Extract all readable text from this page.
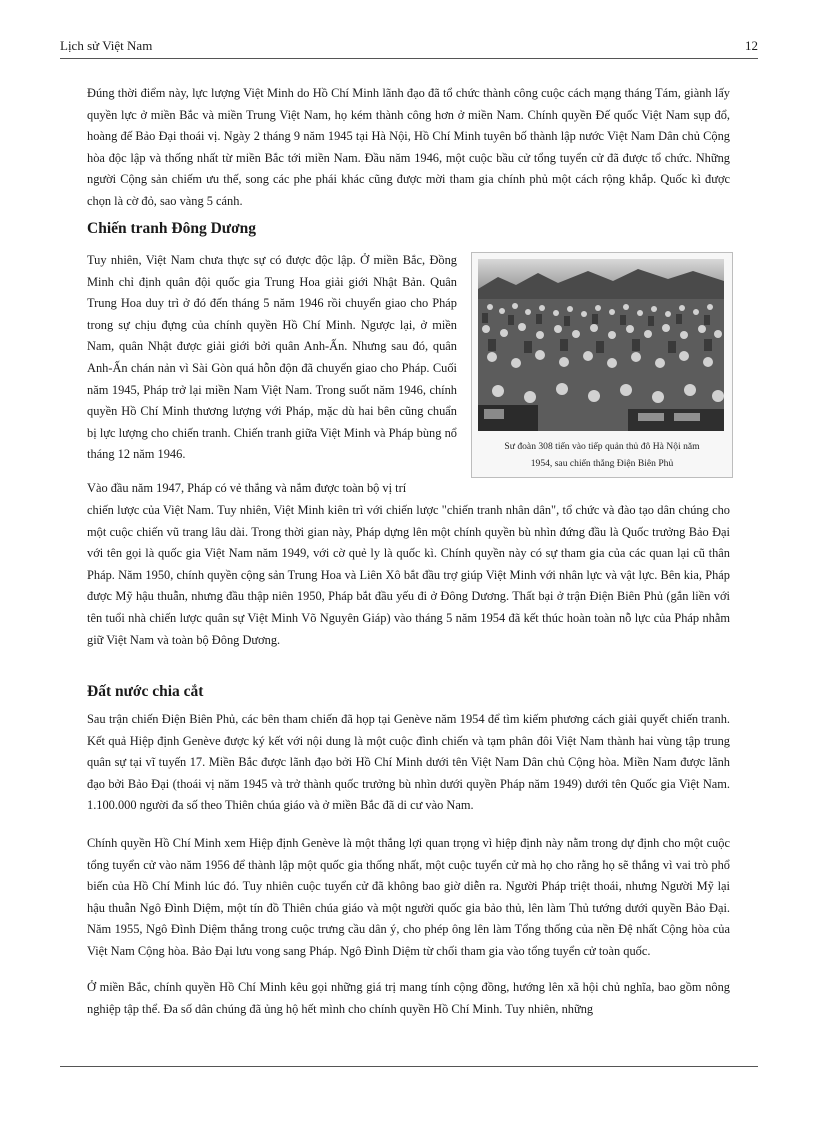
Lịch sử Việt Nam	12

Đúng thời điểm này, lực lượng Việt Minh do Hồ Chí Minh lãnh đạo đã tổ chức thành công cuộc cách mạng tháng Tám, giành lấy quyền lực ở miền Bắc và miền Trung Việt Nam, họ kém thành công hơn ở miền Nam. Chính quyền Đế quốc Việt Nam sụp đổ, hoàng đế Bảo Đại thoái vị. Ngày 2 tháng 9 năm 1945 tại Hà Nội, Hồ Chí Minh tuyên bố thành lập nước Việt Nam Dân chủ Cộng hòa độc lập và thống nhất từ miền Bắc tới miền Nam. Đầu năm 1946, một cuộc bầu cử tổng tuyển cử đã được tổ chức. Những người Cộng sản chiếm ưu thế, song các phe phái khác cũng được mời tham gia chính phủ một cách rộng khắp. Quốc kì được chọn là cờ đỏ, sao vàng 5 cánh.

Chiến tranh Đông Dương

Tuy nhiên, Việt Nam chưa thực sự có được độc lập. Ở miền Bắc, Đồng Minh chỉ định quân đội quốc gia Trung Hoa giải giới Nhật Bản. Quân Trung Hoa duy trì ở đó đến tháng 5 năm 1946 rồi chuyển giao cho Pháp trong sự chịu đựng của chính quyền Hồ Chí Minh. Ngược lại, ở miền Nam, quân Nhật được giải giới bởi quân Anh-Ấn. Nhưng sau đó, quân Anh-Ấn chán nản vì Sài Gòn quá hỗn độn đã chuyển giao cho Pháp. Cuối năm 1945, Pháp trở lại miền Nam Việt Nam. Trong suốt năm 1946, chính quyền Hồ Chí Minh thương lượng với Pháp, mặc dù hai bên cũng chuẩn bị lực lượng cho chiến tranh. Chiến tranh giữa Việt Minh và Pháp bùng nổ tháng 12 năm 1946.

Sư đoàn 308 tiến vào tiếp quản thủ đô Hà Nội năm
1954, sau chiến thắng Điện Biên Phủ

Vào đầu năm 1947, Pháp có vẻ thắng và nắm được toàn bộ vị trí

chiến lược của Việt Nam. Tuy nhiên, Việt Minh kiên trì với chiến lược "chiến tranh nhân dân", tổ chức và đào tạo dân chúng cho một cuộc chiến vũ trang lâu dài. Trong thời gian này, Pháp dựng lên một chính quyền bù nhìn đứng đầu là Quốc trưởng Bảo Đại với tên gọi là quốc gia Việt Nam năm 1949, với cờ quẻ ly là quốc kì. Chính quyền này có sự tham gia của các quan lại cũ thân Pháp. Năm 1950, chính quyền cộng sản Trung Hoa và Liên Xô bắt đầu trợ giúp Việt Minh với nhân lực và vật lực. Bên kia, Pháp được Mỹ hậu thuẫn, nhưng đầu thập niên 1950, Pháp bắt đầu yếu đi ở Đông Dương. Thất bại ở trận Điện Biên Phủ (gắn liền với tên tuổi nhà chiến lược quân sự Việt Minh Võ Nguyên Giáp) vào tháng 5 năm 1954 đã kết thúc hoàn toàn nỗ lực của Pháp nhằm giữ Việt Nam và toàn bộ Đông Dương.

Đất nước chia cắt

Sau trận chiến Điện Biên Phủ, các bên tham chiến đã họp tại Genève năm 1954 để tìm kiếm phương cách giải quyết chiến tranh. Kết quả Hiệp định Genève được ký kết với nội dung là một cuộc đình chiến và tạm phân đôi Việt Nam thành hai vùng tập trung quân sự tại vĩ tuyến 17. Miền Bắc được lãnh đạo bởi Hồ Chí Minh dưới tên Việt Nam Dân chủ Cộng hòa. Miền Nam được lãnh đạo bởi Bảo Đại (thoái vị năm 1945 và trở thành quốc trưởng bù nhìn dưới quyền Pháp năm 1949) dưới tên Quốc gia Việt Nam. 1.100.000 người đa số theo Thiên chúa giáo và ở miền Bắc đã di cư vào Nam.

Chính quyền Hồ Chí Minh xem Hiệp định Genève là một thắng lợi quan trọng vì hiệp định này nằm trong dự định cho một cuộc tổng tuyển cử vào năm 1956 để thành lập một quốc gia thống nhất, một cuộc tuyển cử mà họ cho rằng họ sẽ thắng vì vai trò phổ biến của Hồ Chí Minh lúc đó. Tuy nhiên cuộc tuyển cử đã không bao giờ diễn ra. Người Pháp triệt thoái, nhưng Người Mỹ lại hậu thuẫn Ngô Đình Diệm, một tín đồ Thiên chúa giáo và một người quốc gia bảo thủ, lên làm Thủ tướng dưới quyền Bảo Đại. Năm 1955, Ngô Đình Diệm thắng trong cuộc trưng cầu dân ý, cho phép ông lên làm Tổng thống của nền Đệ nhất Cộng hòa của Việt Nam Cộng hòa. Bảo Đại lưu vong sang Pháp. Ngô Đình Diệm từ chối tham gia vào tổng tuyển cử toàn quốc.

Ở miền Bắc, chính quyền Hồ Chí Minh kêu gọi những giá trị mang tính cộng đồng, hướng lên xã hội chủ nghĩa, bao gồm nông nghiệp tập thể. Đa số dân chúng đã ủng hộ hết mình cho chính quyền Hồ Chí Minh. Tuy nhiên, những
